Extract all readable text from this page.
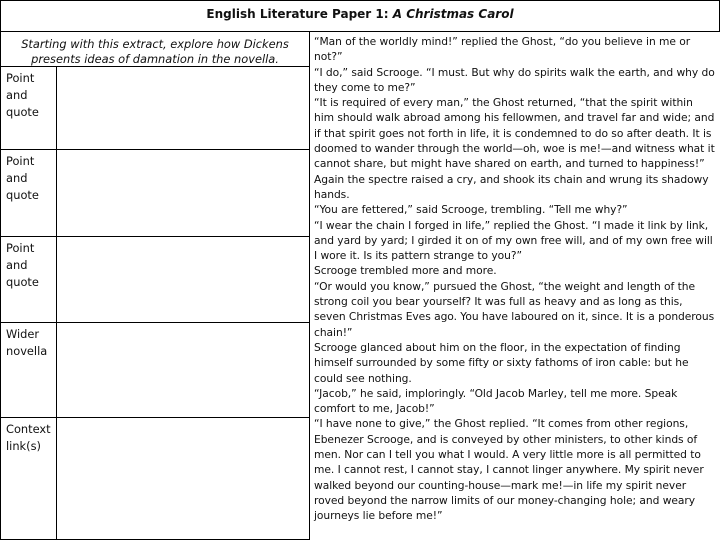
English Literature Paper 1: A Christmas Carol
Starting with this extract, explore how Dickens presents ideas of damnation in the novella.
Point
and
quote
Point
and
quote
Point
and
quote
Wider
novella
Context
link(s)

“Man of the worldly mind!” replied the Ghost, “do you believe in me or not?”

“I do,” said Scrooge. “I must. But why do spirits walk the earth, and why do they come to me?”

“It is required of every man,” the Ghost returned, “that the spirit within him should walk abroad among his fellowmen, and travel far and wide; and if that spirit goes not forth in life, it is condemned to do so after death. It is doomed to wander through the world—oh, woe is me!—and witness what it cannot share, but might have shared on earth, and turned to happiness!”

Again the spectre raised a cry, and shook its chain and wrung its shadowy hands.

“You are fettered,” said Scrooge, trembling. “Tell me why?”

“I wear the chain I forged in life,” replied the Ghost. “I made it link by link, and yard by yard; I girded it on of my own free will, and of my own free will I wore it. Is its pattern strange to you?”

Scrooge trembled more and more.

“Or would you know,” pursued the Ghost, “the weight and length of the strong coil you bear yourself? It was full as heavy and as long as this, seven Christmas Eves ago. You have laboured on it, since. It is a ponderous chain!”

Scrooge glanced about him on the floor, in the expectation of finding himself surrounded by some fifty or sixty fathoms of iron cable: but he could see nothing.

“Jacob,” he said, imploringly. “Old Jacob Marley, tell me more. Speak comfort to me, Jacob!”

“I have none to give,” the Ghost replied. “It comes from other regions, Ebenezer Scrooge, and is conveyed by other ministers, to other kinds of men. Nor can I tell you what I would. A very little more is all permitted to me. I cannot rest, I cannot stay, I cannot linger anywhere. My spirit never walked beyond our counting-house—mark me!—in life my spirit never roved beyond the narrow limits of our money-changing hole; and weary journeys lie before me!”
